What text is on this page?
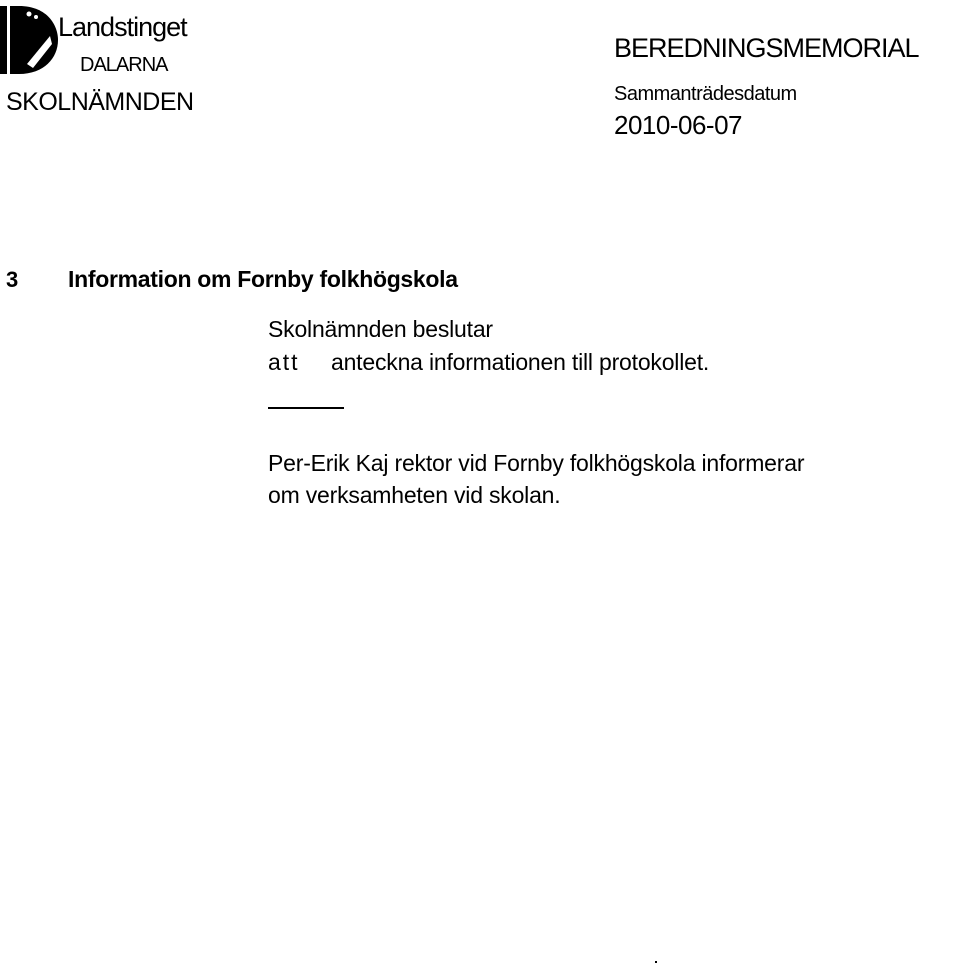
Landstinget
DALARNA
SKOLNÄMNDEN
BEREDNINGSMEMORIAL
Sammanträdesdatum
2010-06-07
3 Information om Fornby folkhögskola
Skolnämnden beslutar
att anteckna informationen till protokollet.
Per-Erik Kaj rektor vid Fornby folkhögskola informerar
om verksamheten vid skolan.
